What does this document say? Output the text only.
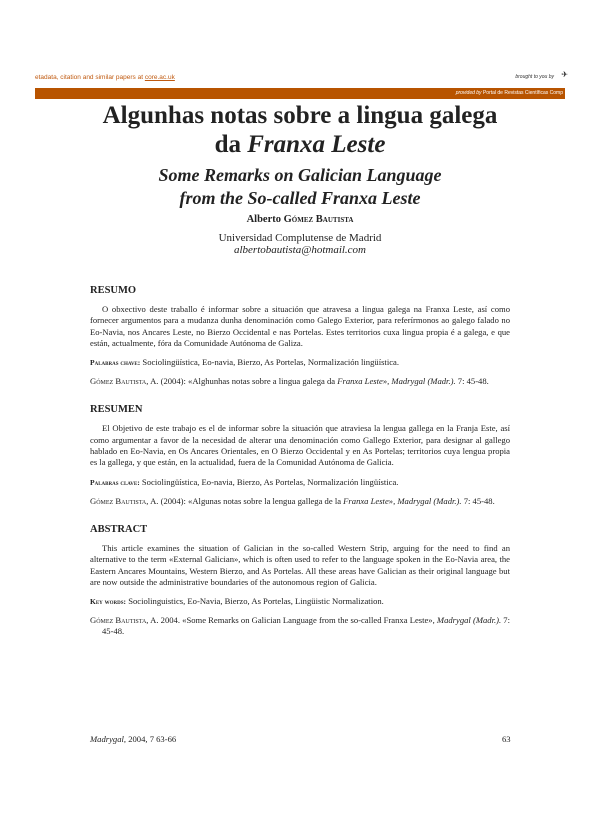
etadata, citation and similar papers at core.ac.uk	brought to you by ✈
provided by Portal de Revistas Científicas Comp
Algunhas notas sobre a lingua galega
da Franxa Leste
Some Remarks on Galician Language
from the So-called Franxa Leste
Alberto Gómez Bautista
Universidad Complutense de Madrid
albertobautista@hotmail.com
RESUMO
O obxectivo deste traballo é informar sobre a situación que atravesa a lingua galega na Franxa Leste, así como fornecer argumentos para a mudanza dunha denominación como Galego Exterior, para referírmonos ao galego falado no Eo-Navia, nos Ancares Leste, no Bierzo Occidental e nas Portelas. Estes territorios cuxa lingua propia é a galega, e que están, actualmente, fóra da Comunidade Autónoma de Galiza.
Palabras chave: Sociolingüística, Eo-navia, Bierzo, As Portelas, Normalización lingüística.
Gómez Bautista, A. (2004): «Alghunhas notas sobre a lingua galega da Franxa Leste», Madrygal (Madr.). 7: 45-48.
RESUMEN
El Objetivo de este trabajo es el de informar sobre la situación que atraviesa la lengua gallega en la Franja Este, así como argumentar a favor de la necesidad de alterar una denominación como Gallego Exterior, para designar al gallego hablado en Eo-Navia, en Os Ancares Orientales, en O Bierzo Occidental y en As Portelas; territorios cuya lengua propia es la gallega, y que están, en la actualidad, fuera de la Comunidad Autónoma de Galicia.
Palabras clave: Sociolingüística, Eo-navia, Bierzo, As Portelas, Normalización lingüística.
Gómez Bautista, A. (2004): «Algunas notas sobre la lengua gallega de la Franxa Leste», Madrygal (Madr.). 7: 45-48.
ABSTRACT
This article examines the situation of Galician in the so-called Western Strip, arguing for the need to find an alternative to the term «External Galician», which is often used to refer to the language spoken in the Eo-Navia area, the Eastern Ancares Mountains, Western Bierzo, and As Portelas. All these areas have Galician as their original language but are now outside the administrative boundaries of the autonomous region of Galicia.
Key words: Sociolinguistics, Eo-Navia, Bierzo, As Portelas, Lingüistic Normalization.
Gómez Bautista, A. 2004. «Some Remarks on Galician Language from the so-called Franxa Leste», Madrygal (Madr.). 7: 45-48.
Madrygal, 2004, 7 63-66	63
